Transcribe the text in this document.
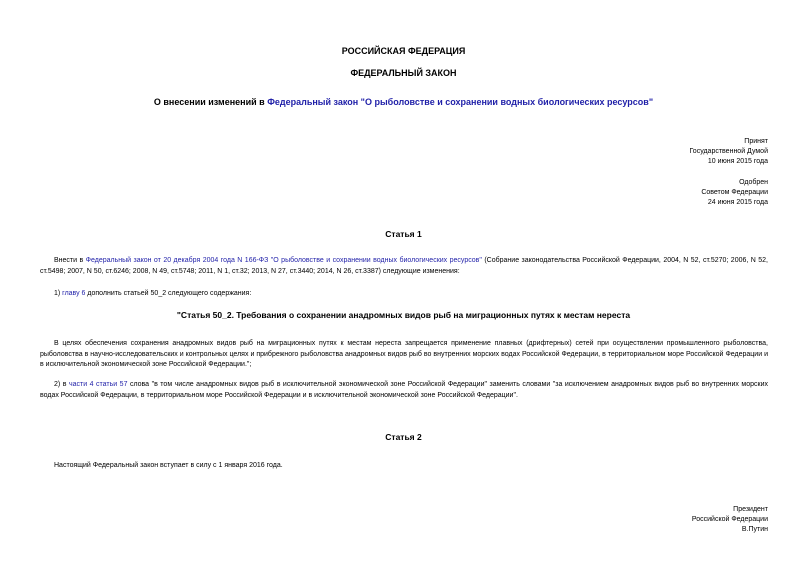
РОССИЙСКАЯ ФЕДЕРАЦИЯ
ФЕДЕРАЛЬНЫЙ ЗАКОН
О внесении изменений в Федеральный закон "О рыболовстве и сохранении водных биологических ресурсов"
Принят
Государственной Думой
10 июня 2015 года
Одобрен
Советом Федерации
24 июня 2015 года
Статья 1
Внести в Федеральный закон от 20 декабря 2004 года N 166-ФЗ "О рыболовстве и сохранении водных биологических ресурсов" (Собрание законодательства Российской Федерации, 2004, N 52, ст.5270; 2006, N 52, ст.5498; 2007, N 50, ст.6246; 2008, N 49, ст.5748; 2011, N 1, ст.32; 2013, N 27, ст.3440; 2014, N 26, ст.3387) следующие изменения:
1) главу 6 дополнить статьей 50_2 следующего содержания:
"Статья 50_2. Требования о сохранении анадромных видов рыб на миграционных путях к местам нереста
В целях обеспечения сохранения анадромных видов рыб на миграционных путях к местам нереста запрещается применение плавных (дрифтерных) сетей при осуществлении промышленного рыболовства, рыболовства в научно-исследовательских и контрольных целях и прибрежного рыболовства анадромных видов рыб во внутренних морских водах Российской Федерации, в территориальном море Российской Федерации и в исключительной экономической зоне Российской Федерации.";
2) в части 4 статьи 57 слова "в том числе анадромных видов рыб в исключительной экономической зоне Российской Федерации" заменить словами "за исключением анадромных видов рыб во внутренних морских водах Российской Федерации, в территориальном море Российской Федерации и в исключительной экономической зоне Российской Федерации".
Статья 2
Настоящий Федеральный закон вступает в силу с 1 января 2016 года.
Президент
Российской Федерации
В.Путин
